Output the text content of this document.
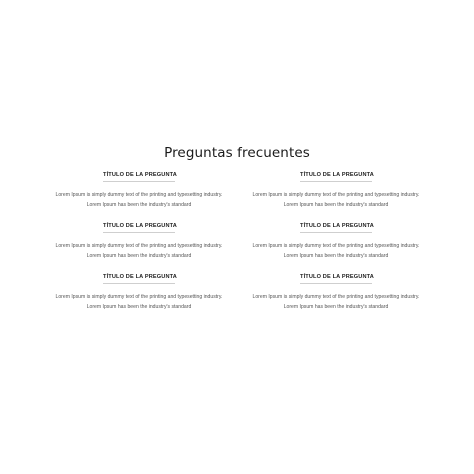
Preguntas frecuentes
TÍTULO DE LA PREGUNTA

Lorem Ipsum is simply dummy text of the printing and typesetting industry.
Lorem Ipsum has been the industry's standard

TÍTULO DE LA PREGUNTA

Lorem Ipsum is simply dummy text of the printing and typesetting industry.
Lorem Ipsum has been the industry's standard

TÍTULO DE LA PREGUNTA

Lorem Ipsum is simply dummy text of the printing and typesetting industry.
Lorem Ipsum has been the industry's standard

TÍTULO DE LA PREGUNTA

Lorem Ipsum is simply dummy text of the printing and typesetting industry.
Lorem Ipsum has been the industry's standard

TÍTULO DE LA PREGUNTA

Lorem Ipsum is simply dummy text of the printing and typesetting industry.
Lorem Ipsum has been the industry's standard

TÍTULO DE LA PREGUNTA

Lorem Ipsum is simply dummy text of the printing and typesetting industry.
Lorem Ipsum has been the industry's standard
